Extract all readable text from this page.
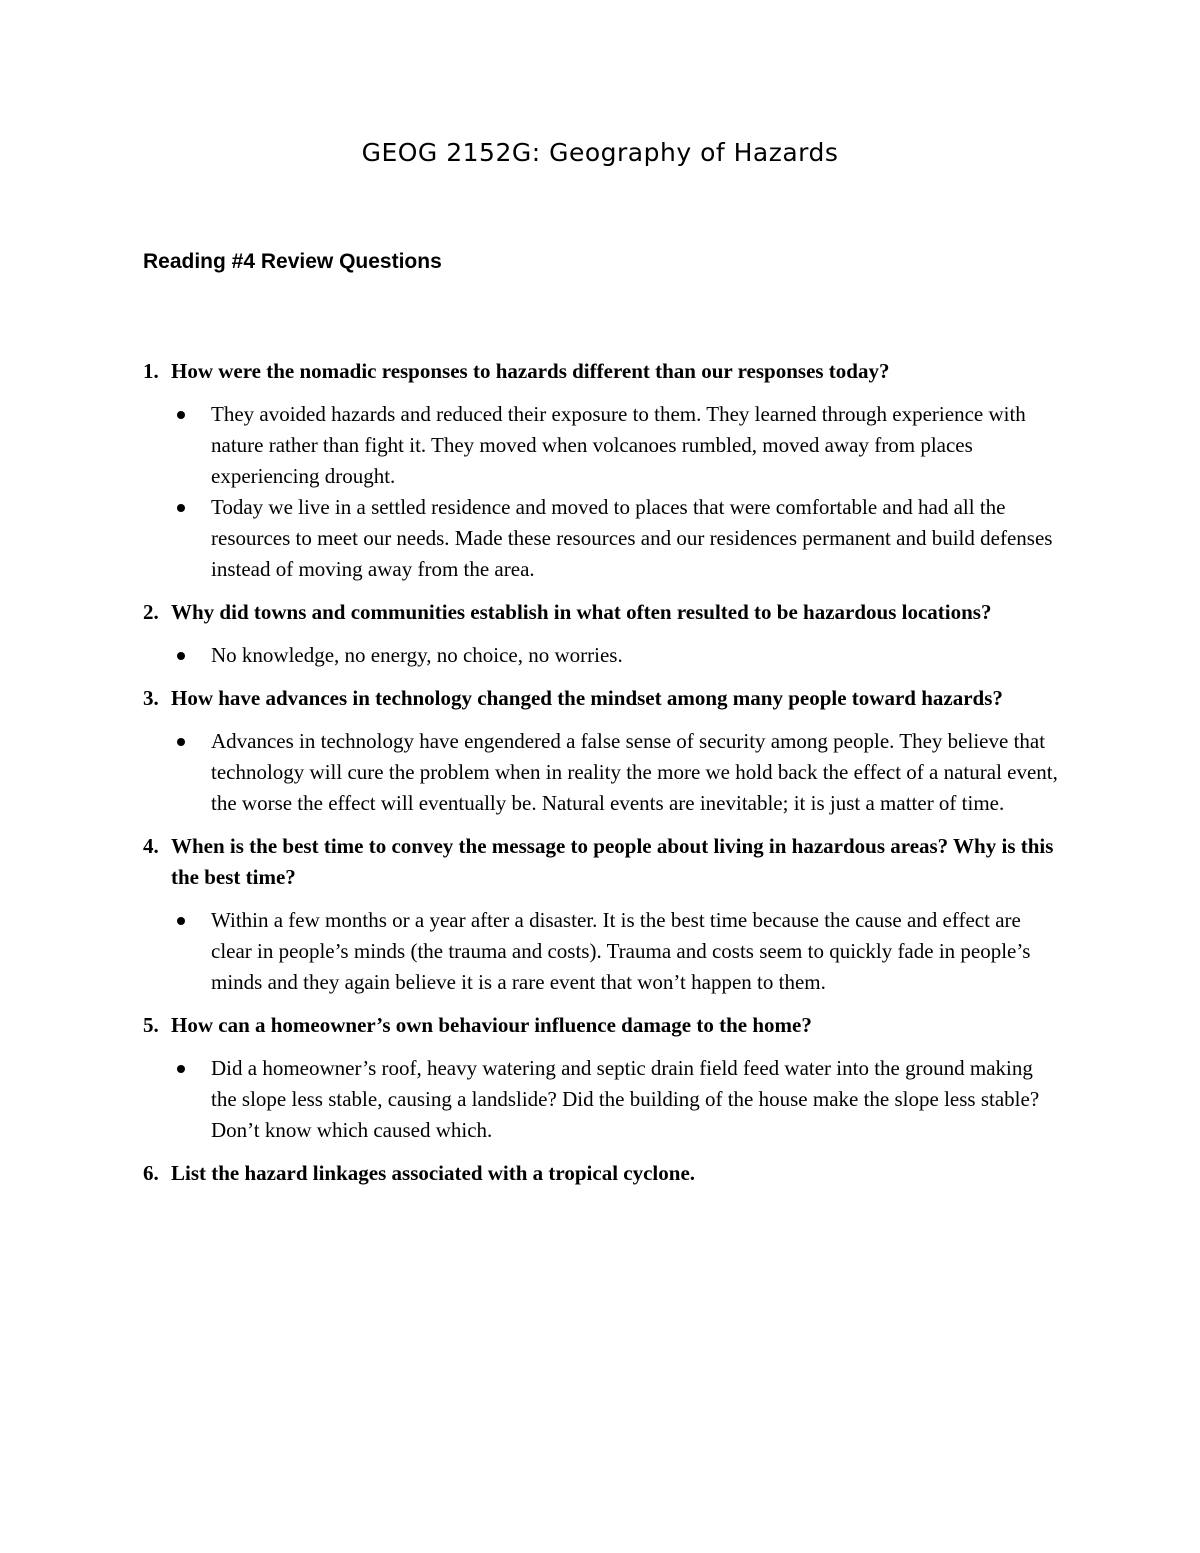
GEOG 2152G: Geography of Hazards
Reading #4 Review Questions

1. How were the nomadic responses to hazards different than our responses today?

They avoided hazards and reduced their exposure to them. They learned through experience with nature rather than fight it. They moved when volcanoes rumbled, moved away from places experiencing drought.
Today we live in a settled residence and moved to places that were comfortable and had all the resources to meet our needs. Made these resources and our residences permanent and build defenses instead of moving away from the area.

2. Why did towns and communities establish in what often resulted to be hazardous locations?

No knowledge, no energy, no choice, no worries.

3. How have advances in technology changed the mindset among many people toward hazards?

Advances in technology have engendered a false sense of security among people. They believe that technology will cure the problem when in reality the more we hold back the effect of a natural event, the worse the effect will eventually be. Natural events are inevitable; it is just a matter of time.

4. When is the best time to convey the message to people about living in hazardous areas? Why is this the best time?

Within a few months or a year after a disaster. It is the best time because the cause and effect are clear in people’s minds (the trauma and costs). Trauma and costs seem to quickly fade in people’s minds and they again believe it is a rare event that won’t happen to them.

5. How can a homeowner’s own behaviour influence damage to the home?

Did a homeowner’s roof, heavy watering and septic drain field feed water into the ground making the slope less stable, causing a landslide? Did the building of the house make the slope less stable? Don’t know which caused which.

6. List the hazard linkages associated with a tropical cyclone.
